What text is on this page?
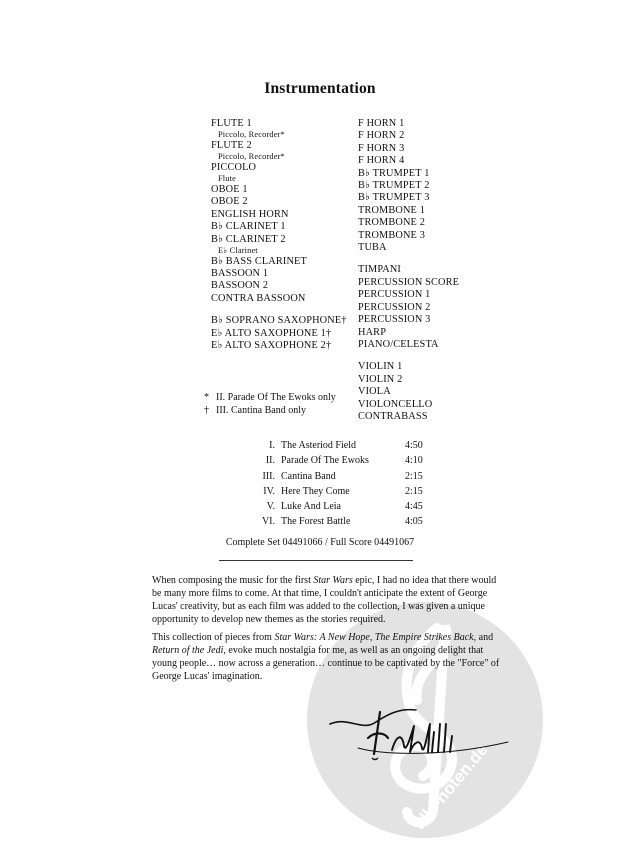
Instrumentation
FLUTE 1
Piccolo, Recorder*
FLUTE 2
Piccolo, Recorder*
PICCOLO
Flute
OBOE 1
OBOE 2
ENGLISH HORN
B♭ CLARINET 1
B♭ CLARINET 2
E♭ Clarinet
B♭ BASS CLARINET
BASSOON 1
BASSOON 2
CONTRA BASSOON
B♭ SOPRANO SAXOPHONE†
E♭ ALTO SAXOPHONE 1†
E♭ ALTO SAXOPHONE 2†
F HORN 1
F HORN 2
F HORN 3
F HORN 4
B♭ TRUMPET 1
B♭ TRUMPET 2
B♭ TRUMPET 3
TROMBONE 1
TROMBONE 2
TROMBONE 3
TUBA
TIMPANI
PERCUSSION SCORE
PERCUSSION 1
PERCUSSION 2
PERCUSSION 3
HARP
PIANO/CELESTA
VIOLIN 1
VIOLIN 2
VIOLA
VIOLONCELLO
CONTRABASS
* II. Parade Of The Ewoks only
† III. Cantina Band only
I.	The Asteriod Field	4:50
II.	Parade Of The Ewoks	4:10
III.	Cantina Band	2:15
IV.	Here They Come	2:15
V.	Luke And Leia	4:45
VI.	The Forest Battle	4:05
Complete Set 04491066 / Full Score 04491067
alle-noten.de
When composing the music for the first Star Wars epic, I had no idea that there would be many more films to come. At that time, I couldn't anticipate the extent of George Lucas' creativity, but as each film was added to the collection, I was given a unique opportunity to develop new themes as the stories required.
This collection of pieces from Star Wars: A New Hope, The Empire Strikes Back, and Return of the Jedi, evoke much nostalgia for me, as well as an ongoing delight that young people… now across a generation… continue to be captivated by the "Force" of George Lucas' imagination.
